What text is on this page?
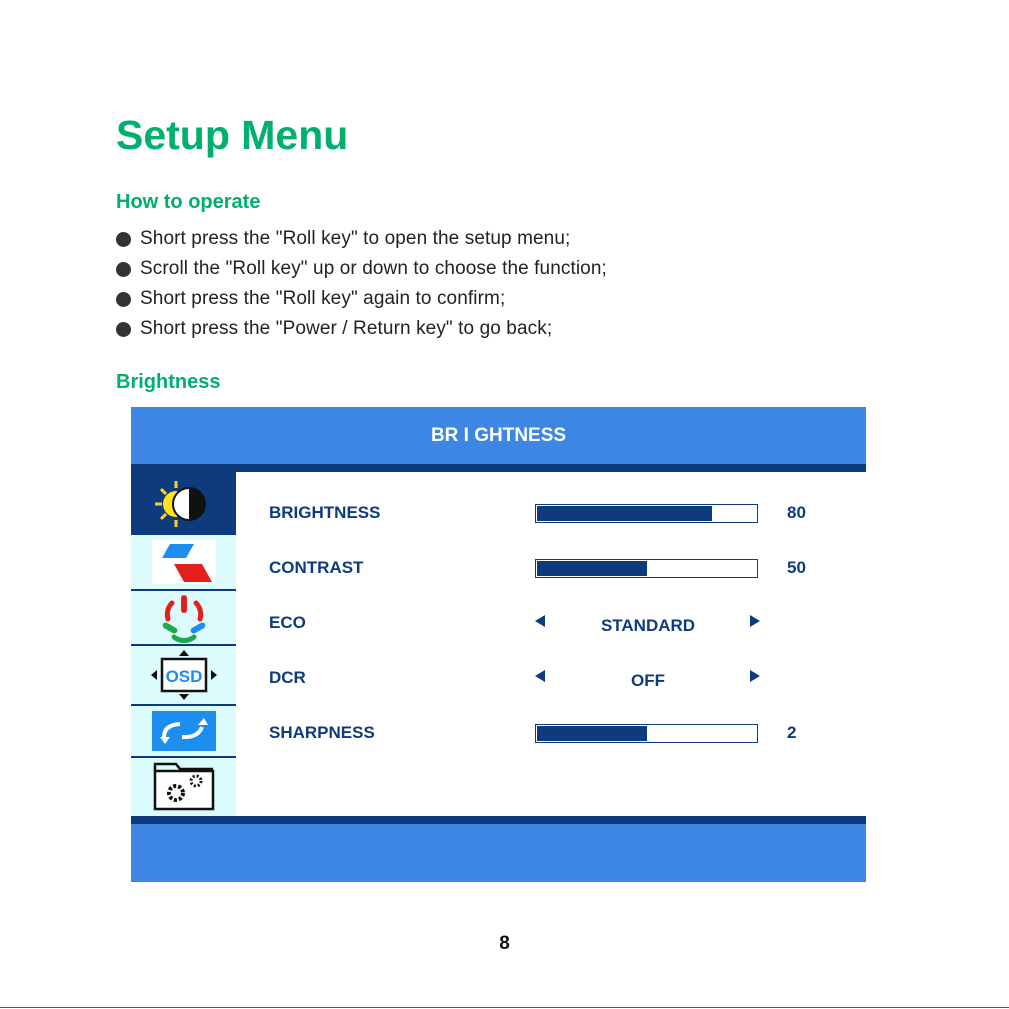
Setup Menu
How to operate
Short press the "Roll key" to open the setup menu;
Scroll the "Roll key" up or down to choose the function;
Short press the "Roll key" again to confirm;
Short press the "Power / Return key" to go back;
Brightness
BR I GHTNESS
OSD
BRIGHTNESS	80
CONTRAST	50
ECO	STANDARD
DCR	OFF
SHARPNESS	2
8
